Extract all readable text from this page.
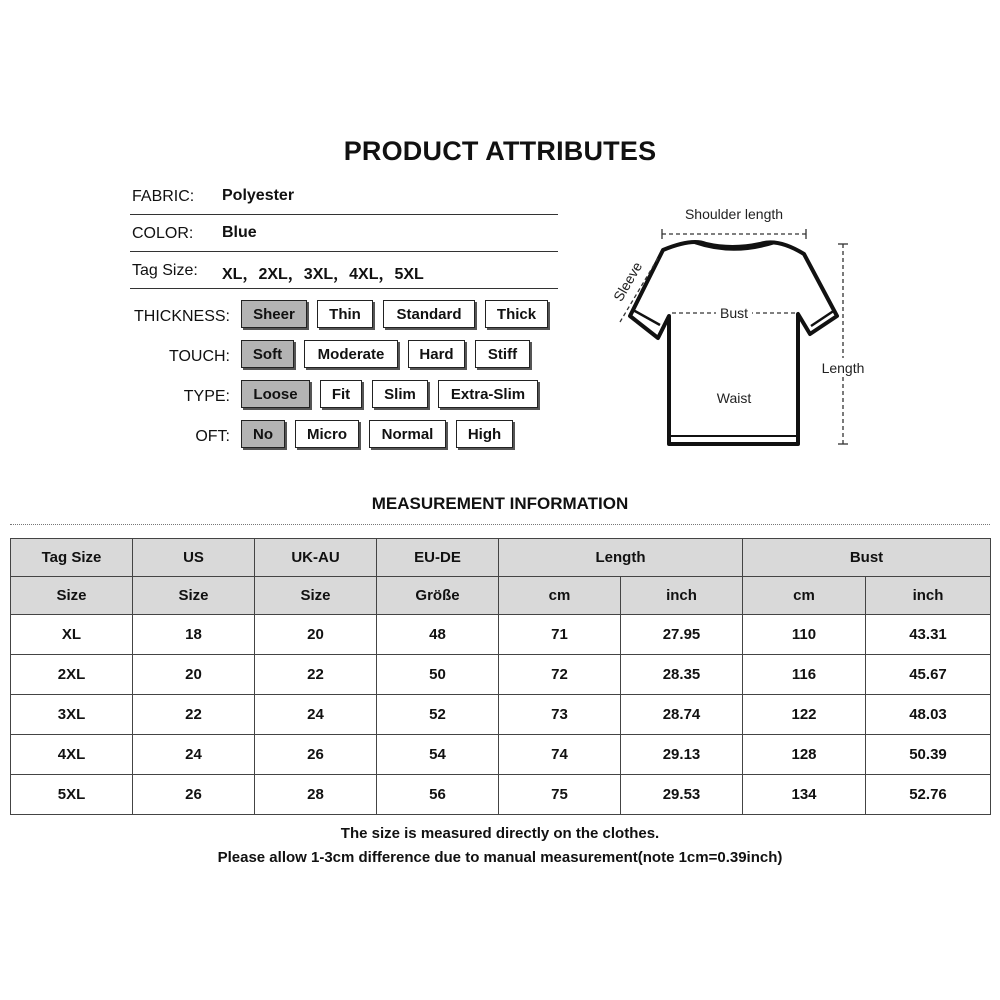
PRODUCT ATTRIBUTES
FABRIC: Polyester
COLOR: Blue
Tag Size: XL，2XL，3XL，4XL，5XL
THICKNESS:	Sheer	Thin	Standard	Thick
TOUCH:	Soft	Moderate	Hard	Stiff
TYPE:	Loose	Fit	Slim	Extra-Slim
OFT:	No	Micro	Normal	High
Shoulder length
Sleeve
Bust
Waist
Length
MEASUREMENT INFORMATION
Tag Size	US	UK-AU	EU-DE	Length		Bust	
Size	Size	Size	Größe	cm	inch	cm	inch
XL	18	20	48	71	27.95	110	43.31
2XL	20	22	50	72	28.35	116	45.67
3XL	22	24	52	73	28.74	122	48.03
4XL	24	26	54	74	29.13	128	50.39
5XL	26	28	56	75	29.53	134	52.76
The size is measured directly on the clothes.
Please allow 1-3cm difference due to manual measurement(note 1cm=0.39inch)
